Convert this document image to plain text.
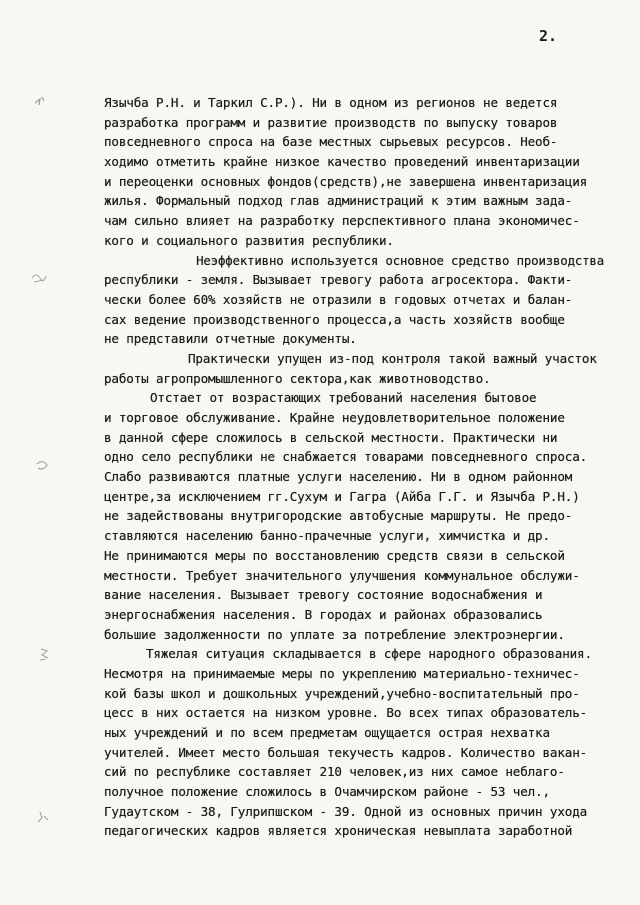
2.
Язычба Р.Н. и Таркил С.Р.). Ни в одном из регионов не ведется
разработка программ и развитие производств по выпуску товаров
повседневного спроса на базе местных сырьевых ресурсов. Необ-
ходимо отметить крайне низкое качество проведений инвентаризации
и переоценки основных фондов(средств),не завершена инвентаризация
жилья. Формальный подход глав администраций к этим важным зада-
чам сильно влияет на разработку перспективного плана экономичес-
кого и социального развития республики.
Неэффективно используется основное средство производства
республики - земля. Вызывает тревогу работа агросектора. Факти-
чески более 60% хозяйств не отразили в годовых отчетах и балан-
сах ведение производственного процесса,а часть хозяйств вообще
не представили отчетные документы.
Практически упущен из-под контроля такой важный участок
работы агропромышленного сектора,как животноводство.
Отстает от возрастающих требований населения бытовое
и торговое обслуживание. Крайне неудовлетворительное положение
в данной сфере сложилось в сельской местности. Практически ни
одно село республики не снабжается товарами повседневного спроса.
Слабо развиваются платные услуги населению. Ни в одном районном
центре,за исключением гг.Сухум и Гагра (Айба Г.Г. и Язычба Р.Н.)
не задействованы внутригородские автобусные маршруты. Не предо-
ставляются населению банно-прачечные услуги, химчистка и др.
Не принимаются меры по восстановлению средств связи в сельской
местности. Требует значительного улучшения коммунальное обслужи-
вание населения. Вызывает тревогу состояние водоснабжения и
энергоснабжения населения. В городах и районах образовались
большие задолженности по уплате за потребление электроэнергии.
Тяжелая ситуация складывается в сфере народного образования.
Несмотря на принимаемые меры по укреплению материально-техничес-
кой базы школ и дошкольных учреждений,учебно-воспитательный про-
цесс в них остается на низком уровне. Во всех типах образователь-
ных учреждений и по всем предметам ощущается острая нехватка
учителей. Имеет место большая текучесть кадров. Количество вакан-
сий по республике составляет 210 человек,из них самое неблаго-
получное положение сложилось в Очамчирском районе - 53 чел.,
Гудаутском - 38, Гулрипшском - 39. Одной из основных причин ухода
педагогических кадров является хроническая невыплата заработной
